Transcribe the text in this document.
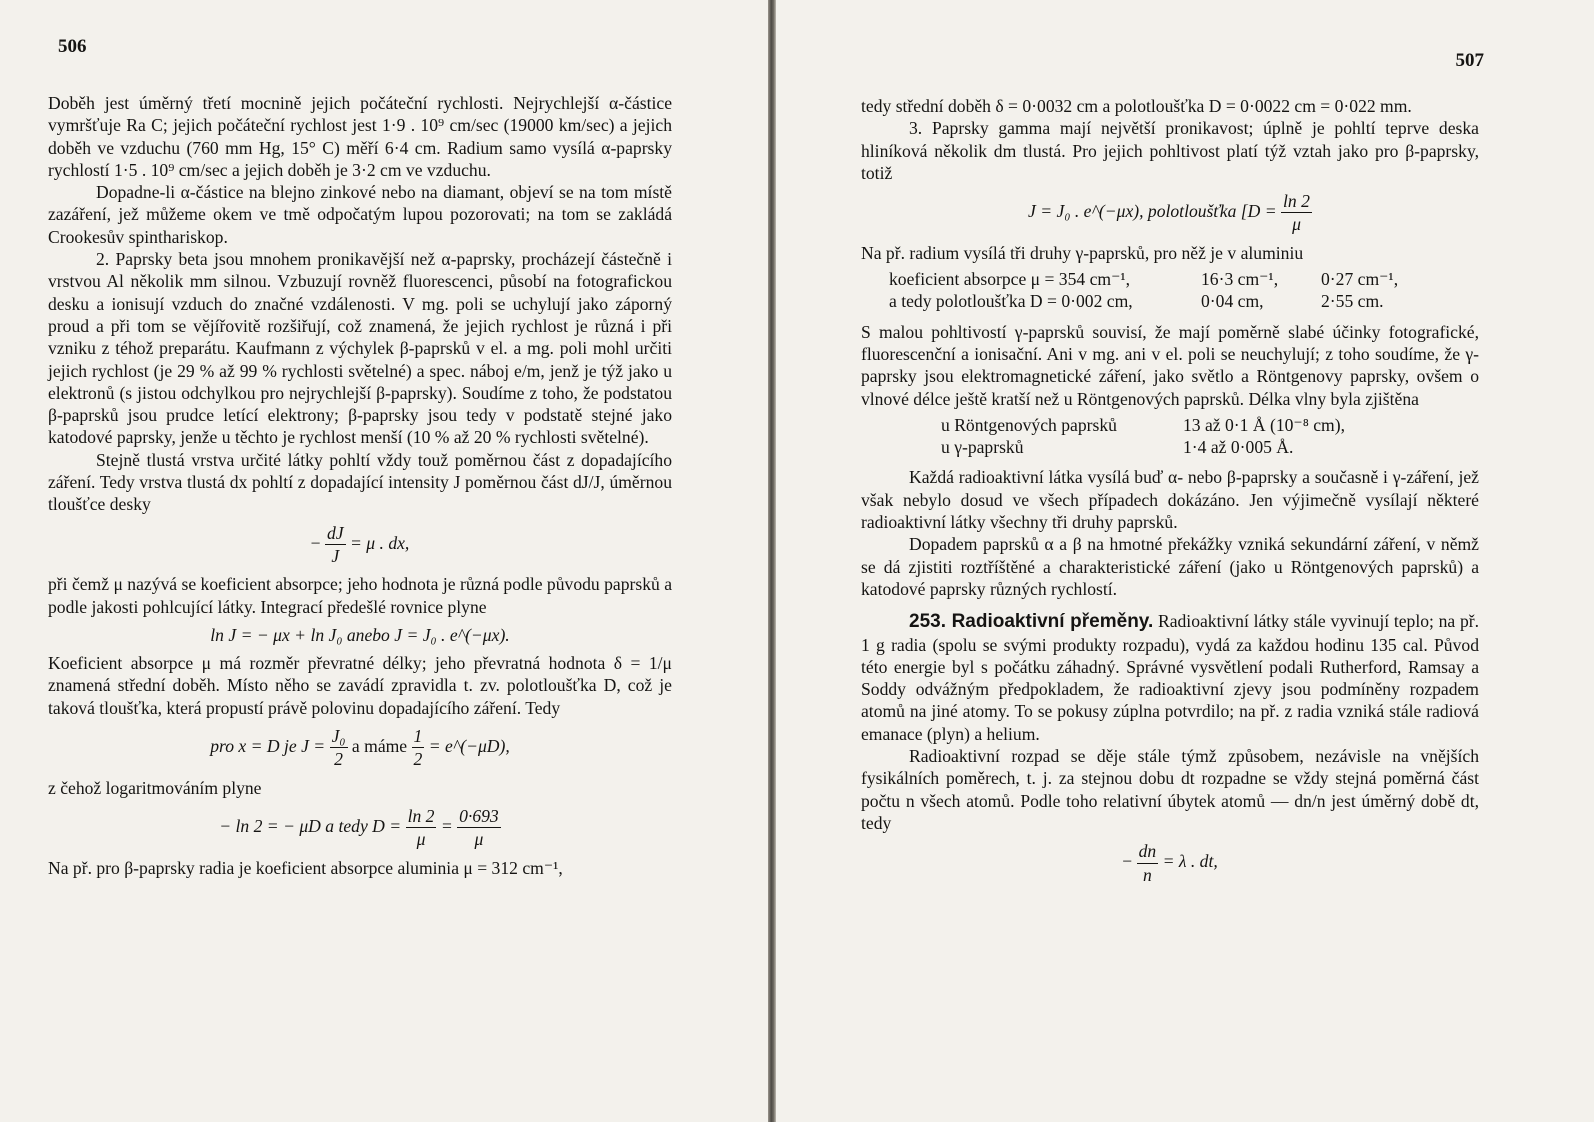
506

Doběh jest úměrný třetí mocnině jejich počáteční rychlosti. Nejrychlejší α-částice vymršťuje Ra C; jejich počáteční rychlost jest 1·9 . 10⁹ cm/sec (19000 km/sec) a jejich doběh ve vzduchu (760 mm Hg, 15° C) měří 6·4 cm. Radium samo vysílá α-paprsky rychlostí 1·5 . 10⁹ cm/sec a jejich doběh je 3·2 cm ve vzduchu.

Dopadne-li α-částice na blejno zinkové nebo na diamant, objeví se na tom místě zazáření, jež můžeme okem ve tmě odpočatým lupou pozorovati; na tom se zakládá Crookesův spinthariskop.

2. Paprsky beta jsou mnohem pronikavější než α-paprsky, procházejí částečně i vrstvou Al několik mm silnou. Vzbuzují rovněž fluorescenci, působí na fotografickou desku a ionisují vzduch do značné vzdálenosti. V mg. poli se uchylují jako záporný proud a při tom se vějířovitě rozšiřují, což znamená, že jejich rychlost je různá i při vzniku z téhož preparátu. Kaufmann z výchylek β-paprsků v el. a mg. poli mohl určiti jejich rychlost (je 29 % až 99 % rychlosti světelné) a spec. náboj e/m, jenž je týž jako u elektronů (s jistou odchylkou pro nejrychlejší β-paprsky). Soudíme z toho, že podstatou β-paprsků jsou prudce letící elektrony; β-paprsky jsou tedy v podstatě stejné jako katodové paprsky, jenže u těchto je rychlost menší (10 % až 20 % rychlosti světelné).

Stejně tlustá vrstva určité látky pohltí vždy touž poměrnou část z dopadajícího záření. Tedy vrstva tlustá dx pohltí z dopadající intensity J poměrnou část dJ/J, úměrnou tloušťce desky

− $\frac{dJ}{J} = \mu$ . dx,

při čemž μ nazývá se koeficient absorpce; jeho hodnota je různá podle původu paprsků a podle jakosti pohlcující látky. Integrací předešlé rovnice plyne

ln J = − μx + ln J₀ anebo J = J₀ . e^(−μx).

Koeficient absorpce μ má rozměr převratné délky; jeho převratná hodnota δ = 1/μ znamená střední doběh. Místo něho se zavádí zpravidla t. zv. polotloušťka D, což je taková tloušťka, která propustí právě polovinu dopadajícího záření. Tedy

pro x = D je $J = \frac{\text{J₀}}{2}$ a máme $\frac{1}{2}$ = e^(−μD),

z čehož logaritmováním plyne

− ln 2 = − μD a tedy $D = \frac{\ln 2}{\mu} = \frac{0\cdot 693}{\mu}$

Na př. pro β-paprsky radia je koeficient absorpce aluminia μ = 312 cm⁻¹,

507

tedy střední doběh δ = 0·0032 cm a polotloušťka D = 0·0022 cm = 0·022 mm.

3. Paprsky gamma mají největší pronikavost; úplně je pohltí teprve deska hliníková několik dm tlustá. Pro jejich pohltivost platí týž vztah jako pro β-paprsky, totiž

J = J₀ . e^(−μx), polotloušťka [$D = \frac{\ln 2}{\mu}$

Na př. radium vysílá tři druhy γ-paprsků, pro něž je v aluminiu

koeficient absorpce μ = 354 cm⁻¹,	16·3 cm⁻¹,	0·27 cm⁻¹,
a tedy polotloušťka D = 0·002 cm,	0·04 cm,	2·55 cm.

S malou pohltivostí γ-paprsků souvisí, že mají poměrně slabé účinky fotografické, fluorescenční a ionisační. Ani v mg. ani v el. poli se neuchylují; z toho soudíme, že γ-paprsky jsou elektromagnetické záření, jako světlo a Röntgenovy paprsky, ovšem o vlnové délce ještě kratší než u Röntgenových paprsků. Délka vlny byla zjištěna

u Röntgenových paprsků	13 až 0·1 Å (10⁻⁸ cm),
u γ-paprsků	1·4 až 0·005 Å.

Každá radioaktivní látka vysílá buď α- nebo β-paprsky a současně i γ-záření, jež však nebylo dosud ve všech případech dokázáno. Jen výjimečně vysílají některé radioaktivní látky všechny tři druhy paprsků.

Dopadem paprsků α a β na hmotné překážky vzniká sekundární záření, v němž se dá zjistiti roztříštěné a charakteristické záření (jako u Röntgenových paprsků) a katodové paprsky různých rychlostí.

253. Radioaktivní přeměny. Radioaktivní látky stále vyvinují teplo; na př. 1 g radia (spolu se svými produkty rozpadu), vydá za každou hodinu 135 cal. Původ této energie byl s počátku záhadný. Správné vysvětlení podali Rutherford, Ramsay a Soddy odvážným předpokladem, že radioaktivní zjevy jsou podmíněny rozpadem atomů na jiné atomy. To se pokusy zúplna potvrdilo; na př. z radia vzniká stále radiová emanace (plyn) a helium.

Radioaktivní rozpad se děje stále týmž způsobem, nezávisle na vnějších fysikálních poměrech, t. j. za stejnou dobu dt rozpadne se vždy stejná poměrná část počtu n všech atomů. Podle toho relativní úbytek atomů — dn/n jest úměrný době dt, tedy

− $\frac{dn}{n} = \lambda$ . dt,
